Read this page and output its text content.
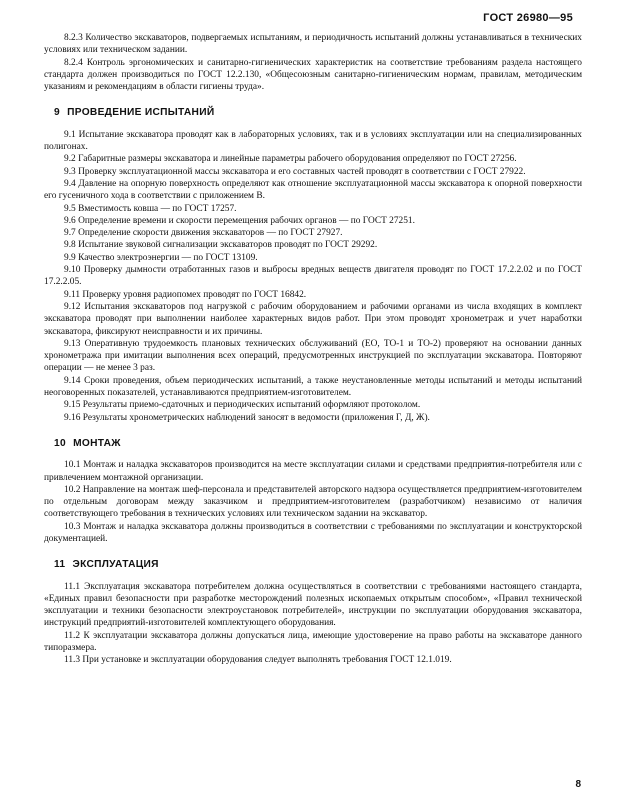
ГОСТ 26980—95

8.2.3 Количество экскаваторов, подвергаемых испытаниям, и периодичность испытаний должны устанавливаться в технических условиях или техническом задании.

8.2.4 Контроль эргономических и санитарно-гигиенических характеристик на соответствие требованиям раздела настоящего стандарта должен производиться по ГОСТ 12.2.130, «Общесоюзным санитарно-гигиеническим нормам, правилам, методическим указаниям и рекомендациям в области гигиены труда».

9 ПРОВЕДЕНИЕ ИСПЫТАНИЙ

9.1 Испытание экскаватора проводят как в лабораторных условиях, так и в условиях эксплуатации или на специализированных полигонах.

9.2 Габаритные размеры экскаватора и линейные параметры рабочего оборудования определяют по ГОСТ 27256.

9.3 Проверку эксплуатационной массы экскаватора и его составных частей проводят в соответствии с ГОСТ 27922.

9.4 Давление на опорную поверхность определяют как отношение эксплуатационной массы экскаватора к опорной поверхности его гусеничного хода в соответствии с приложением В.

9.5 Вместимость ковша — по ГОСТ 17257.

9.6 Определение времени и скорости перемещения рабочих органов — по ГОСТ 27251.

9.7 Определение скорости движения экскаваторов — по ГОСТ 27927.

9.8 Испытание звуковой сигнализации экскаваторов проводят по ГОСТ 29292.

9.9 Качество электроэнергии — по ГОСТ 13109.

9.10 Проверку дымности отработанных газов и выбросы вредных веществ двигателя проводят по ГОСТ 17.2.2.02 и по ГОСТ 17.2.2.05.

9.11 Проверку уровня радиопомех проводят по ГОСТ 16842.

9.12 Испытания экскаваторов под нагрузкой с рабочим оборудованием и рабочими органами из числа входящих в комплект экскаватора проводят при выполнении наиболее характерных видов работ. При этом проводят хронометраж и учет наработки экскаватора, фиксируют неисправности и их причины.

9.13 Оперативную трудоемкость плановых технических обслуживаний (ЕО, ТО-1 и ТО-2) проверяют на основании данных хронометража при имитации выполнения всех операций, предусмотренных инструкцией по эксплуатации экскаватора. Повторяют операции — не менее 3 раз.

9.14 Сроки проведения, объем периодических испытаний, а также неустановленные методы испытаний и методы испытаний неоговоренных показателей, устанавливаются предприятием-изготовителем.

9.15 Результаты приемо-сдаточных и периодических испытаний оформляют протоколом.

9.16 Результаты хронометрических наблюдений заносят в ведомости (приложения Г, Д, Ж).

10 МОНТАЖ

10.1 Монтаж и наладка экскаваторов производится на месте эксплуатации силами и средствами предприятия-потребителя или с привлечением монтажной организации.

10.2 Направление на монтаж шеф-персонала и представителей авторского надзора осуществляется предприятием-изготовителем по отдельным договорам между заказчиком и предприятием-изготовителем (разработчиком) независимо от наличия соответствующего требования в технических условиях или техническом задании на экскаватор.

10.3 Монтаж и наладка экскаватора должны производиться в соответствии с требованиями по эксплуатации и конструкторской документацией.

11 ЭКСПЛУАТАЦИЯ

11.1 Эксплуатация экскаватора потребителем должна осуществляться в соответствии с требованиями настоящего стандарта, «Единых правил безопасности при разработке месторождений полезных ископаемых открытым способом», «Правил технической эксплуатации и техники безопасности электроустановок потребителей», инструкции по эксплуатации оборудования экскаватора, инструкций предприятий-изготовителей комплектующего оборудования.

11.2 К эксплуатации экскаватора должны допускаться лица, имеющие удостоверение на право работы на экскаваторе данного типоразмера.

11.3 При установке и эксплуатации оборудования следует выполнять требования ГОСТ 12.1.019.

8
